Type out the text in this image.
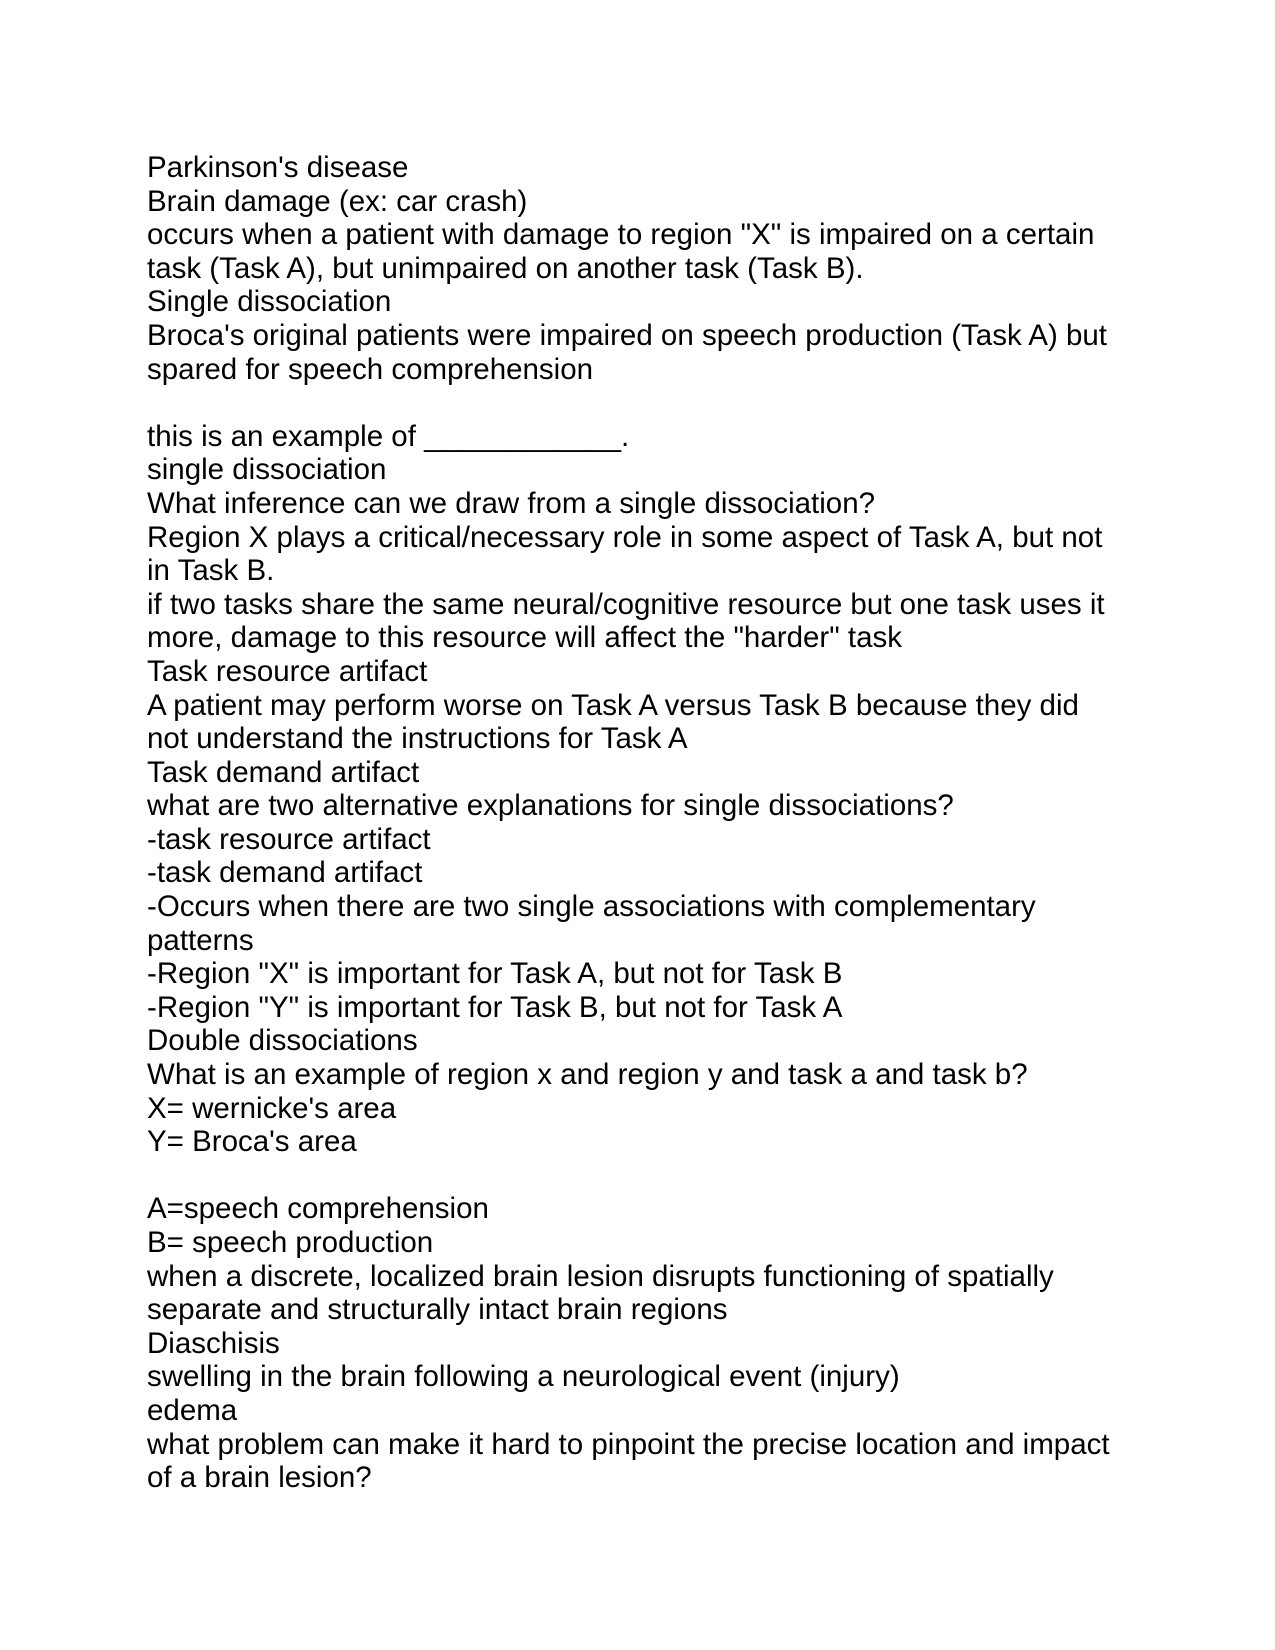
Parkinson's disease
Brain damage (ex: car crash)
occurs when a patient with damage to region "X" is impaired on a certain
task (Task A), but unimpaired on another task (Task B).
Single dissociation
Broca's original patients were impaired on speech production (Task A) but
spared for speech comprehension

this is an example of ____________.
single dissociation
What inference can we draw from a single dissociation?
Region X plays a critical/necessary role in some aspect of Task A, but not
in Task B.
if two tasks share the same neural/cognitive resource but one task uses it
more, damage to this resource will affect the "harder" task
Task resource artifact
A patient may perform worse on Task A versus Task B because they did
not understand the instructions for Task A
Task demand artifact
what are two alternative explanations for single dissociations?
-task resource artifact
-task demand artifact
-Occurs when there are two single associations with complementary
patterns
-Region "X" is important for Task A, but not for Task B
-Region "Y" is important for Task B, but not for Task A
Double dissociations
What is an example of region x and region y and task a and task b?
X= wernicke's area
Y= Broca's area

A=speech comprehension
B= speech production
when a discrete, localized brain lesion disrupts functioning of spatially
separate and structurally intact brain regions
Diaschisis
swelling in the brain following a neurological event (injury)
edema
what problem can make it hard to pinpoint the precise location and impact
of a brain lesion?
